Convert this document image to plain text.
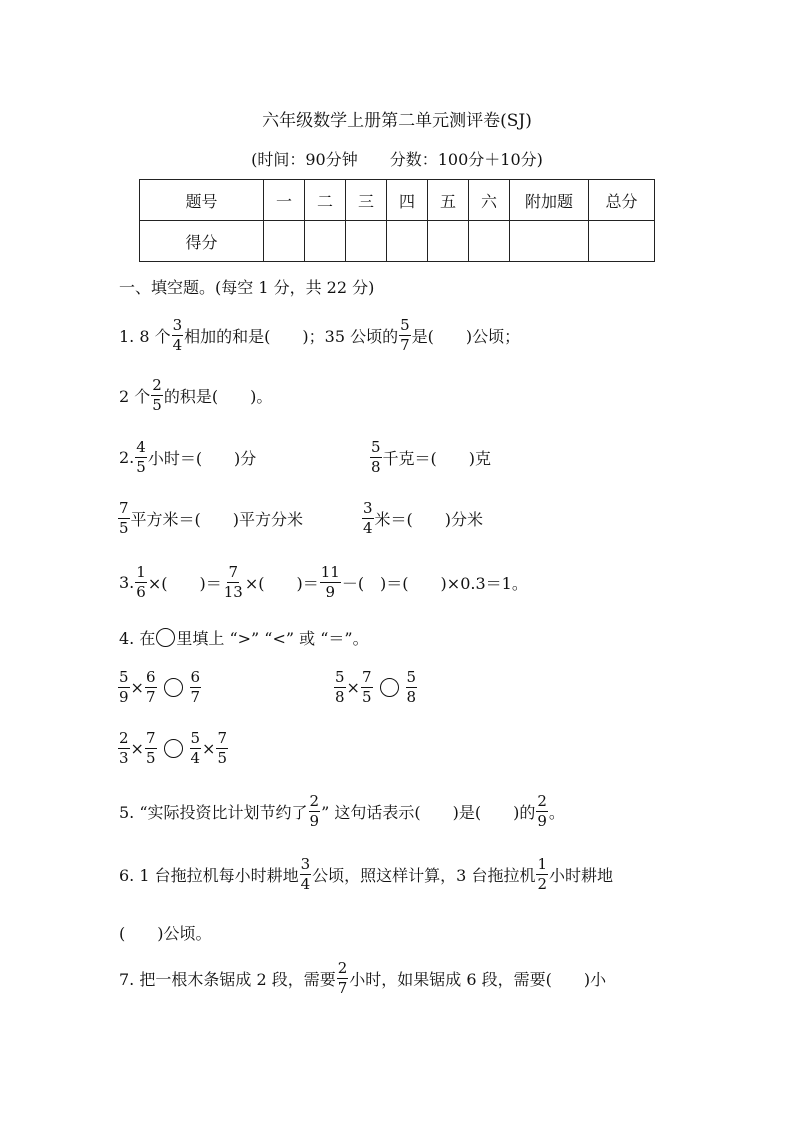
六年级数学上册第二单元测评卷(SJ)
(时间：90分钟　　分数：100分＋10分)
题号	一	二	三	四	五	六	附加题	总分
得分								
一、填空题。(每空 1 分，共 22 分)
1. 8 个 $\frac{3}{4}$ 相加的和是(　　)；35 公顷的 $\frac{5}{7}$ 是(　　)公顷；
2 个 $\frac{2}{5}$ 的积是(　　)。
2. $\frac{4}{5}$ 小时＝(　　)分	$\frac{5}{8}$ 千克＝(　　)克
$\frac{7}{5}$ 平方米＝(　　)平方分米	$\frac{3}{4}$ 米＝(　　)分米
3. $\frac{1}{6}$ ×(　　)＝ $\frac{7}{13}$ ×(　　)＝ $\frac{11}{9}$ －(　)＝(　　)×0.3＝1。
4. 在 里填上 “>” “<” 或 “＝”。
$\frac{5}{9} \times \frac{6}{7} \frac{6}{7}$	$\frac{5}{8} \times \frac{7}{5} \frac{5}{8}$
$\frac{2}{3} \times \frac{7}{5} \frac{5}{4} \times \frac{7}{5}$
5. “实际投资比计划节约了 $\frac{2}{9}$ ” 这句话表示(　　)是(　　)的 $\frac{2}{9}$ 。
6. 1 台拖拉机每小时耕地 $\frac{3}{4}$ 公顷，照这样计算，3 台拖拉机 $\frac{1}{2}$ 小时耕地
(　　)公顷。
7. 把一根木条锯成 2 段，需要 $\frac{2}{7}$ 小时，如果锯成 6 段，需要(　　)小
